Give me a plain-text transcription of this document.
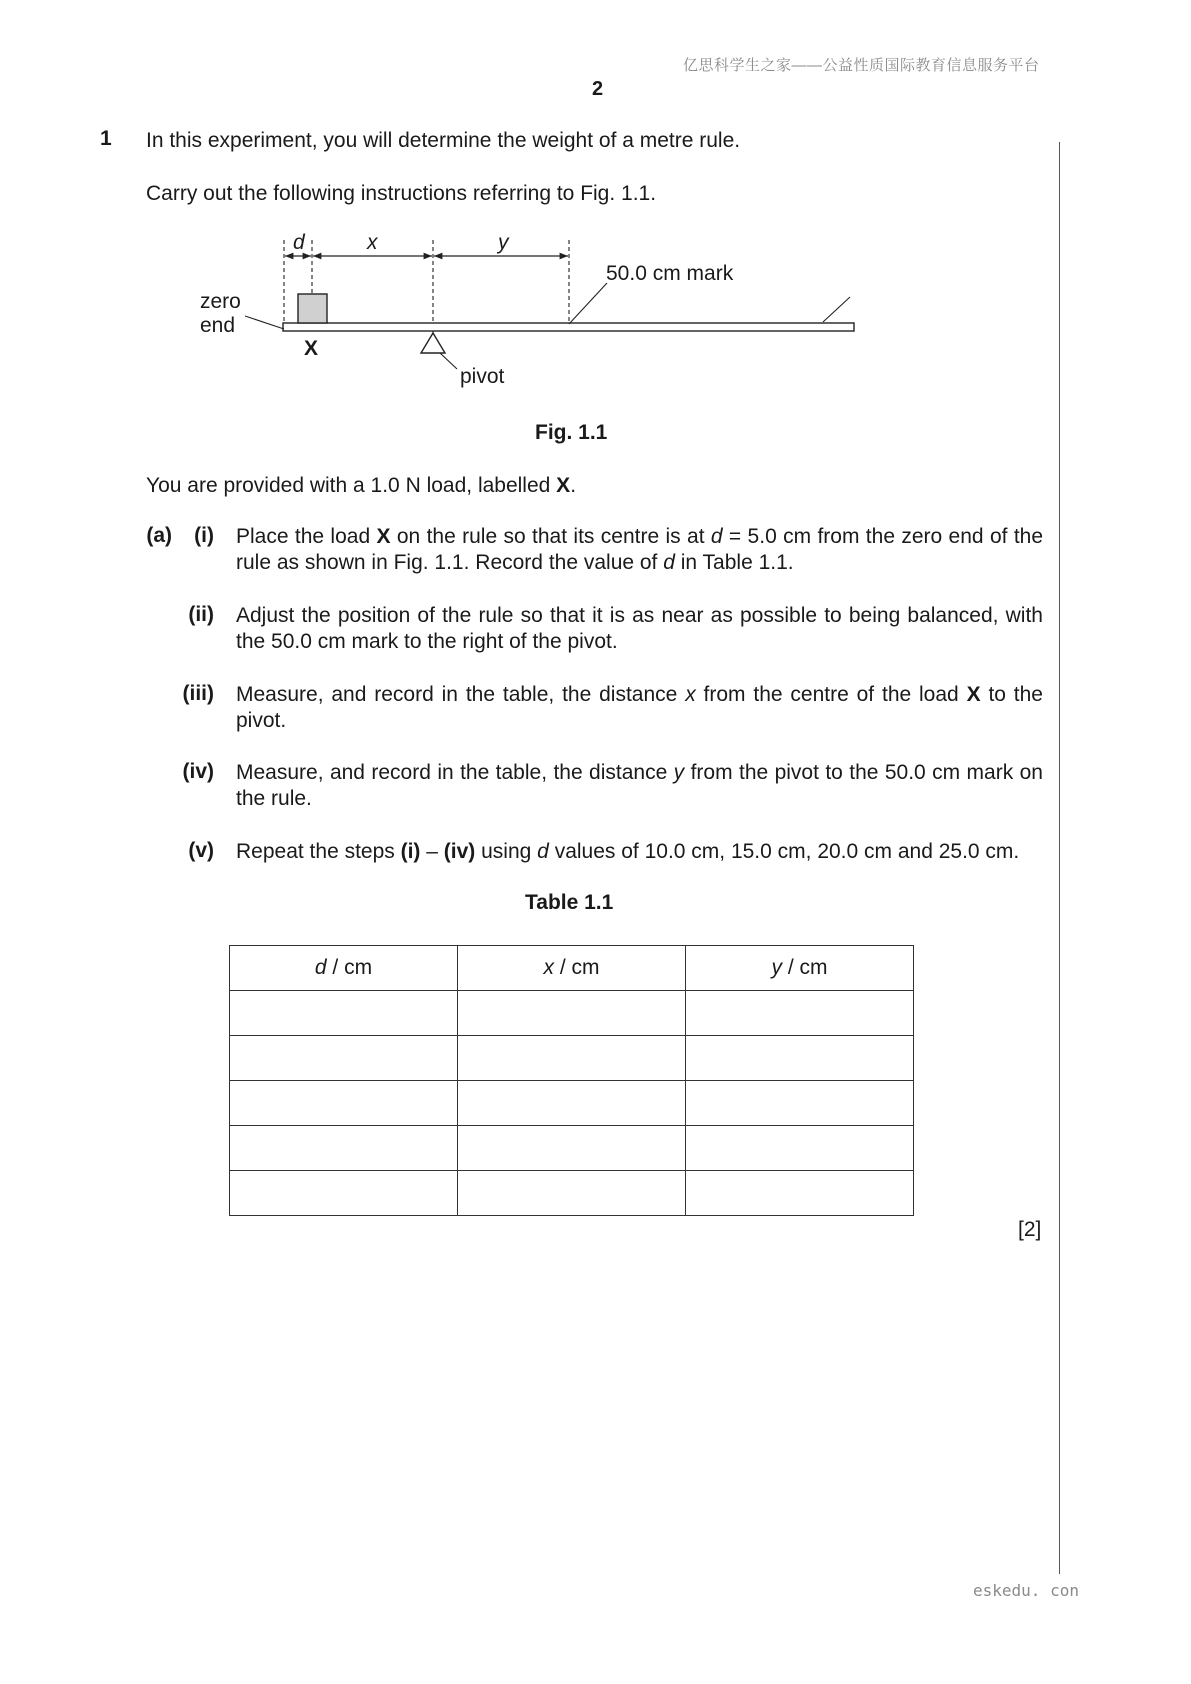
亿思科学生之家——公益性质国际教育信息服务平台
2
1 In this experiment, you will determine the weight of a metre rule.
Carry out the following instructions referring to Fig. 1.1.
d	x	y
50.0 cm mark
zero
end
X
pivot
Fig. 1.1
You are provided with a 1.0 N load, labelled X.
(a)	(i) Place the load X on the rule so that its centre is at d = 5.0 cm from the zero end of the rule as shown in Fig. 1.1. Record the value of d in Table 1.1.
(ii) Adjust the position of the rule so that it is as near as possible to being balanced, with the 50.0 cm mark to the right of the pivot.
(iii) Measure, and record in the table, the distance x from the centre of the load X to the pivot.
(iv) Measure, and record in the table, the distance y from the pivot to the 50.0 cm mark on the rule.
(v) Repeat the steps (i) – (iv) using d values of 10.0 cm, 15.0 cm, 20.0 cm and 25.0 cm.
Table 1.1
d / cm	x / cm	y / cm

[2]
eskedu. con
